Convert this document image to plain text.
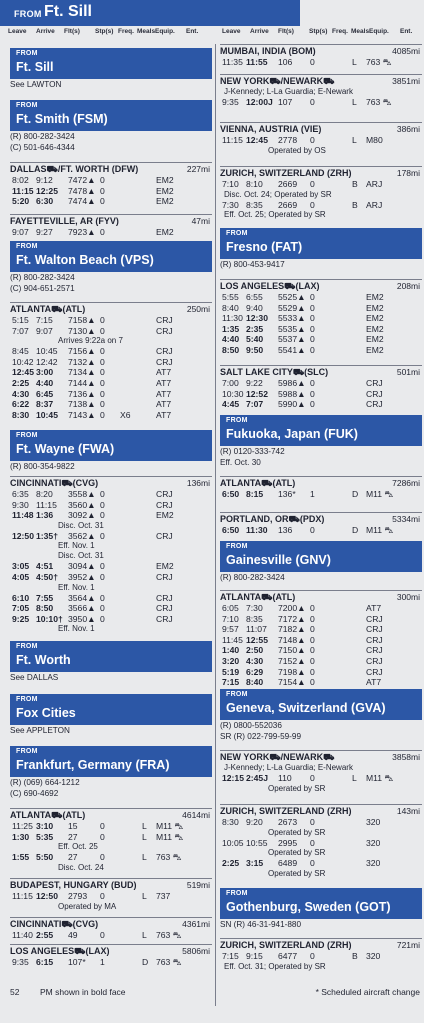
FROM Ft. Sill
Leave Arrive Flt(s) Stp(s) Freq. Meals Equip. Ent.	Leave Arrive Flt(s) Stp(s) Freq. Meals Equip. Ent.
FROM
Ft. Sill
See LAWTON
FROM
Ft. Smith (FSM)
(R) 800-282-3424
(C) 501-646-4344
DALLAS⛟/FT. WORTH (DFW)	227mi
8:02 9:12 7472▲ 0	EM2
11:15 12:25 7478▲ 0	EM2
5:20 6:30 7474▲ 0	EM2
FAYETTEVILLE, AR (FYV)	47mi
9:07 9:27 7923▲ 0	EM2
FROM
Ft. Walton Beach (VPS)
(R) 800-282-3424
(C) 904-651-2571
ATLANTA⛟(ATL)	250mi
5:15 7:15 7158▲ 0	CRJ
7:07 9:07 7130▲ 0	CRJ
Arrives 9:22a on 7
8:45 10:45 7156▲ 0	CRJ
10:42 12:42 7132▲ 0	CRJ
12:45 3:00 7134▲ 0	AT7
2:25 4:40 7144▲ 0	AT7
4:30 6:45 7136▲ 0	AT7
6:22 8:37 7138▲ 0	AT7
8:30 10:45 7143▲ 0 X6	AT7
FROM
Ft. Wayne (FWA)
(R) 800-354-9822
CINCINNATI⛟(CVG)	136mi
6:35 8:20 3558▲ 0	CRJ
9:30 11:15 3560▲ 0	CRJ
11:48 1:36 3092▲ 0	EM2
Disc. Oct. 31
12:50 1:35† 3562▲ 0	CRJ
Eff. Nov. 1
Disc. Oct. 31
3:05 4:51 3094▲ 0	EM2
4:05 4:50† 3952▲ 0	CRJ
Eff. Nov. 1
6:10 7:55 3564▲ 0	CRJ
7:05 8:50 3566▲ 0	CRJ
9:25 10:10† 3950▲ 0	CRJ
Eff. Nov. 1
FROM
Ft. Worth
See DALLAS
FROM
Fox Cities
See APPLETON
FROM
Frankfurt, Germany (FRA)
(R) (069) 664-1212
(C) 690-4692
ATLANTA⛟(ATL)	4614mi
11:25 3:10 15	0	L M11 ⛍
1:30 5:35 27	0	L M11 ⛍
Eff. Oct. 25
1:55 5:50 27	0	L 763 ⛍
Disc. Oct. 24
BUDAPEST, HUNGARY (BUD)	519mi
11:15 12:50 2793 0	L 737
Operated by MA
CINCINNATI⛟(CVG)	4361mi
11:40 2:55 49	0	L 763 ⛍
LOS ANGELES⛟(LAX)	5806mi
9:35 6:15 107* 1	D 763 ⛍
MUMBAI, INDIA (BOM)	4085mi
11:35 11:55 106 0	L 763 ⛍
NEW YORK⛟/NEWARK⛟	3851mi
J-Kennedy; L-La Guardia; E-Newark
9:35 12:00J 107 0	L 763 ⛍
VIENNA, AUSTRIA (VIE)	386mi
11:15 12:45 2778 0	L M80
Operated by OS
ZURICH, SWITZERLAND (ZRH)	178mi
7:10 8:10 2669 0	B ARJ
Disc. Oct. 24; Operated by SR
7:30 8:35 2669 0	B ARJ
Eff. Oct. 25; Operated by SR
FROM
Fresno (FAT)
(R) 800-453-9417
LOS ANGELES⛟(LAX)	208mi
5:55 6:55 5525▲ 0	EM2
8:40 9:40 5529▲ 0	EM2
11:30 12:30 5533▲ 0	EM2
1:35 2:35 5535▲ 0	EM2
4:40 5:40 5537▲ 0	EM2
8:50 9:50 5541▲ 0	EM2
SALT LAKE CITY⛟(SLC)	501mi
7:00 9:22 5986▲ 0	CRJ
10:30 12:52 5988▲ 0	CRJ
4:45 7:07 5990▲ 0	CRJ
FROM
Fukuoka, Japan (FUK)
(R) 0120-333-742
Eff. Oct. 30
ATLANTA⛟(ATL)	7286mi
6:50 8:15 136* 1	D M11 ⛍
PORTLAND, OR⛟(PDX)	5334mi
6:50 11:30 136 0	D M11 ⛍
FROM
Gainesville (GNV)
(R) 800-282-3424
ATLANTA⛟(ATL)	300mi
6:05 7:30 7200▲ 0	AT7
7:10 8:35 7172▲ 0	CRJ
9:57 11:07 7182▲ 0	CRJ
11:45 12:55 7148▲ 0	CRJ
1:40 2:50 7150▲ 0	CRJ
3:20 4:30 7152▲ 0	CRJ
5:19 6:29 7198▲ 0	CRJ
7:15 8:40 7154▲ 0	AT7
FROM
Geneva, Switzerland (GVA)
(R) 0800-552036
SR (R) 022-799-59-99
NEW YORK⛟/NEWARK⛟	3858mi
J-Kennedy; L-La Guardia; E-Newark
12:15 2:45J 110 0	L M11 ⛍
Operated by SR
ZURICH, SWITZERLAND (ZRH)	143mi
8:30 9:20 2673 0	320
Operated by SR
10:05 10:55 2995 0	320
Operated by SR
2:25 3:15 6489 0	320
Operated by SR
FROM
Gothenburg, Sweden (GOT)
SN (R) 46-31-941-880
ZURICH, SWITZERLAND (ZRH)	721mi
7:15 9:15 6477 0	B 320
Eff. Oct. 31; Operated by SR
52 PM shown in bold face	* Scheduled aircraft change
